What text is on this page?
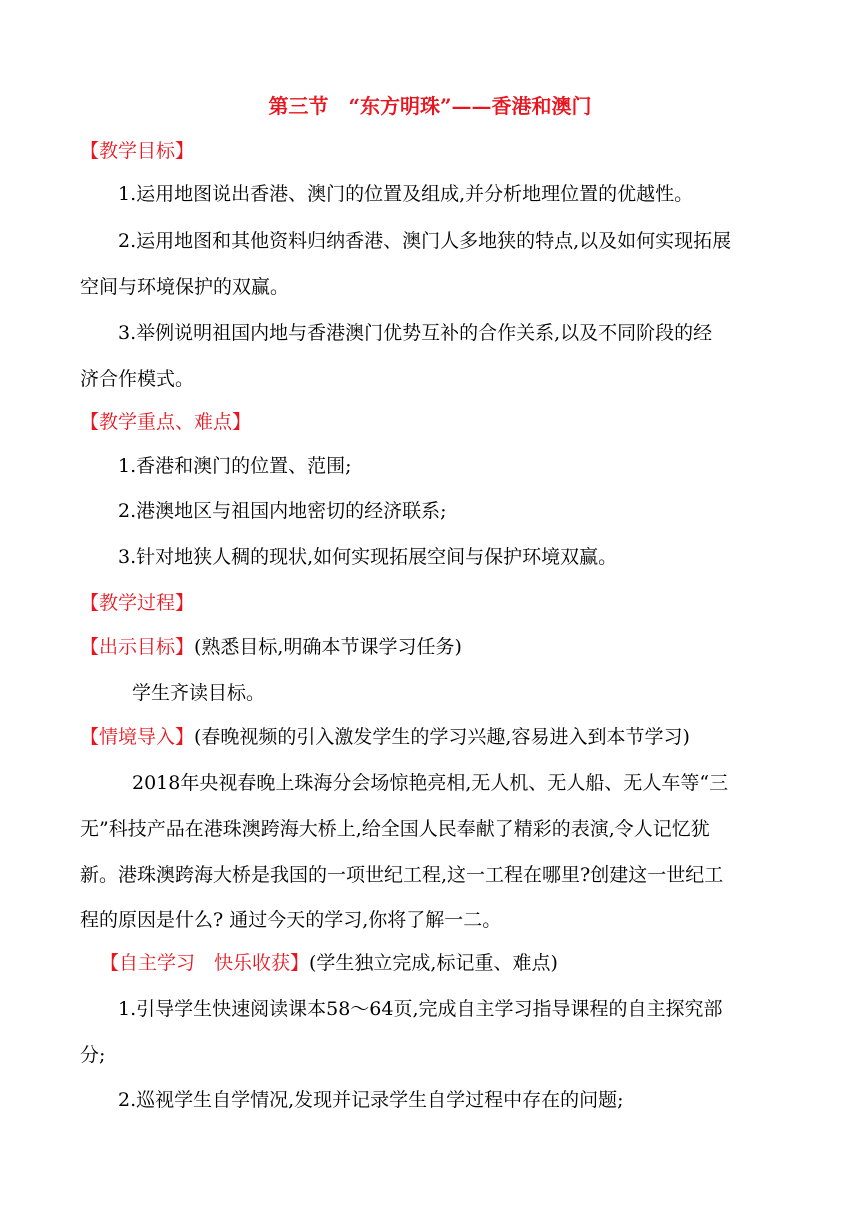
第三节　“东方明珠”——香港和澳门
【教学目标】
1.运用地图说出香港、澳门的位置及组成,并分析地理位置的优越性。
2.运用地图和其他资料归纳香港、澳门人多地狭的特点,以及如何实现拓展
空间与环境保护的双赢。
3.举例说明祖国内地与香港澳门优势互补的合作关系,以及不同阶段的经
济合作模式。
【教学重点、难点】
1.香港和澳门的位置、范围;
2.港澳地区与祖国内地密切的经济联系;
3.针对地狭人稠的现状,如何实现拓展空间与保护环境双赢。
【教学过程】
【出示目标】(熟悉目标,明确本节课学习任务)
学生齐读目标。
【情境导入】(春晚视频的引入激发学生的学习兴趣,容易进入到本节学习)
2018年央视春晚上珠海分会场惊艳亮相,无人机、无人船、无人车等“三
无”科技产品在港珠澳跨海大桥上,给全国人民奉献了精彩的表演,令人记忆犹
新。港珠澳跨海大桥是我国的一项世纪工程,这一工程在哪里?创建这一世纪工
程的原因是什么? 通过今天的学习,你将了解一二。
【自主学习　快乐收获】(学生独立完成,标记重、难点)
1.引导学生快速阅读课本58～64页,完成自主学习指导课程的自主探究部
分;
2.巡视学生自学情况,发现并记录学生自学过程中存在的问题;
